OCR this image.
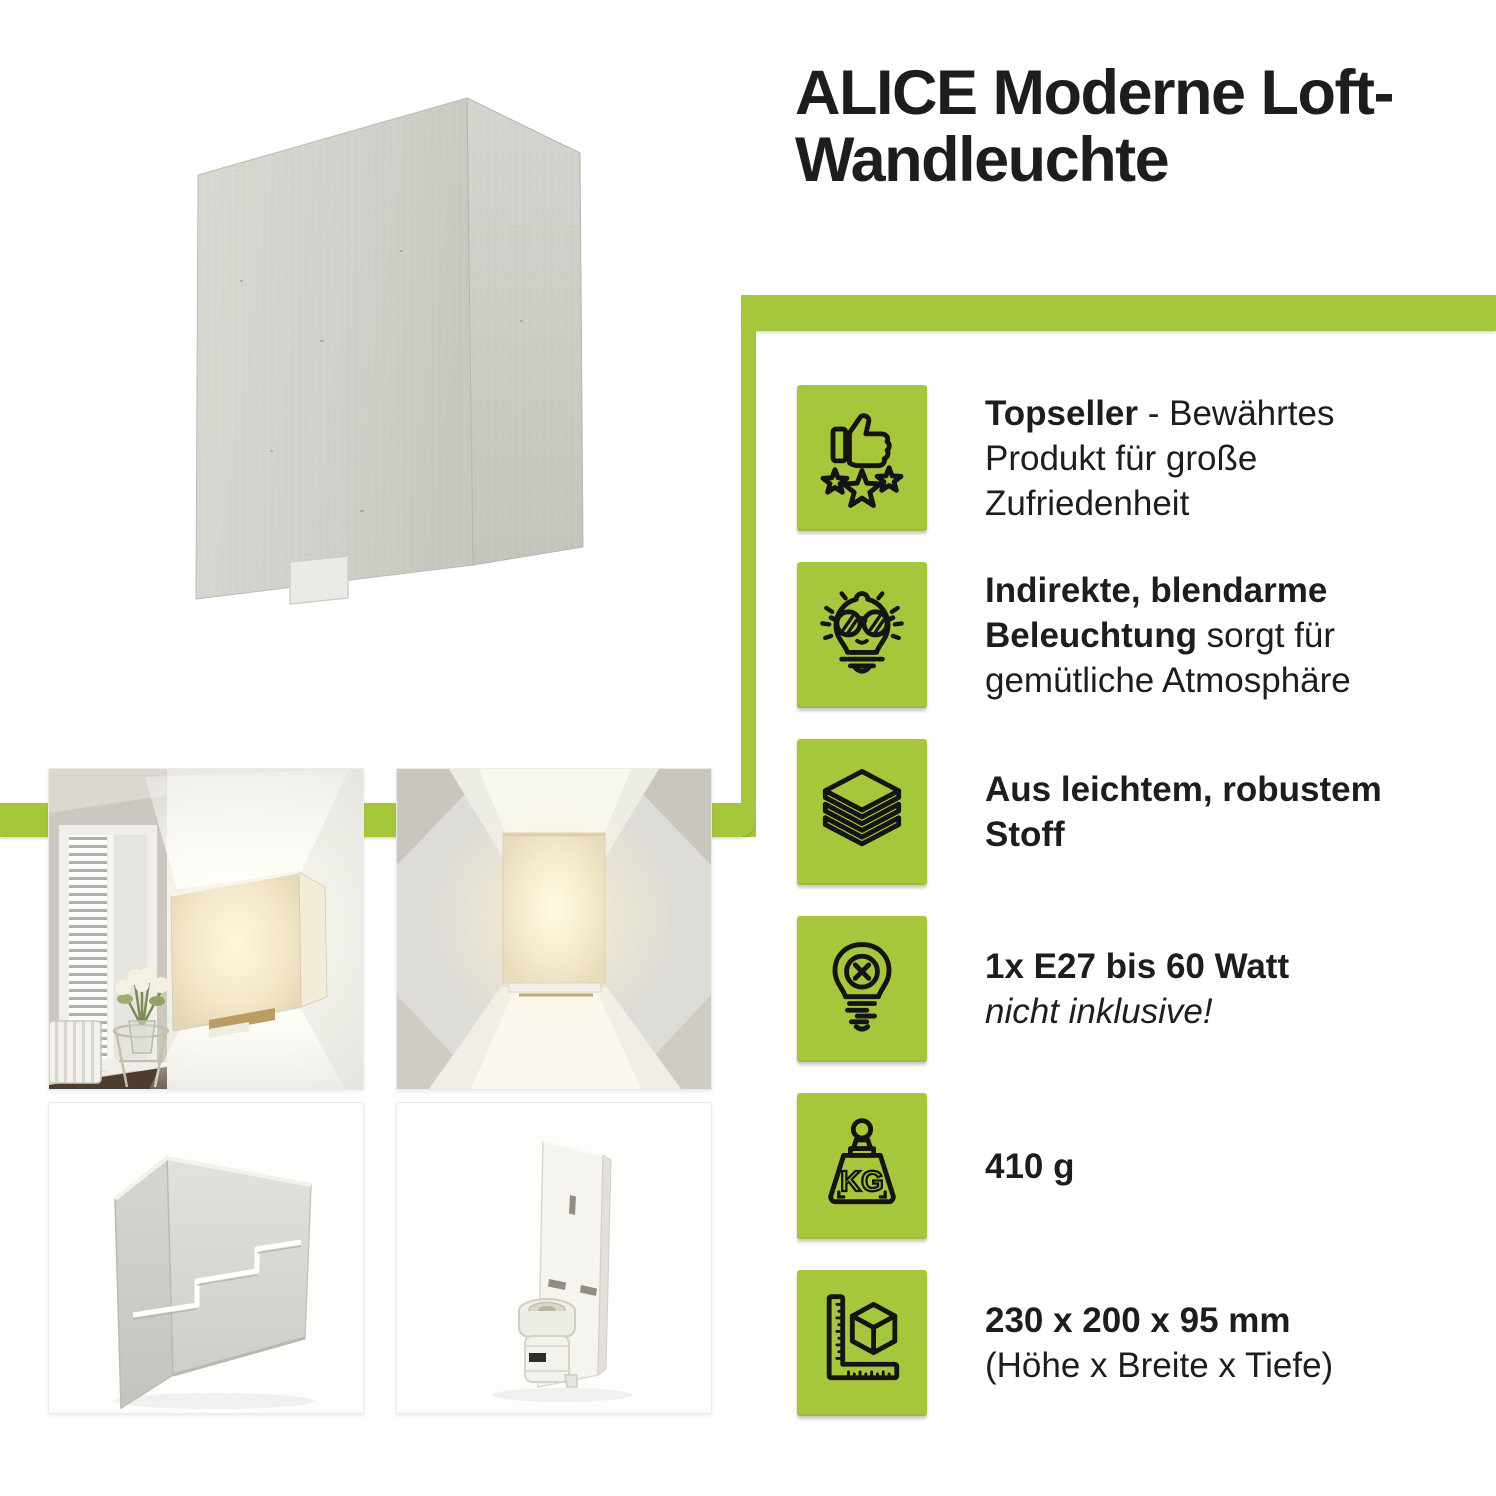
ALICE Moderne Loft-Wandleuchte
Topseller - Bewährtes
Produkt für große
Zufriedenheit
Indirekte, blendarme
Beleuchtung sorgt für
gemütliche Atmosphäre
Aus leichtem, robustem
Stoff
1x E27 bis 60 Watt
nicht inklusive!
KG	410 g
230 x 200 x 95 mm
(Höhe x Breite x Tiefe)
